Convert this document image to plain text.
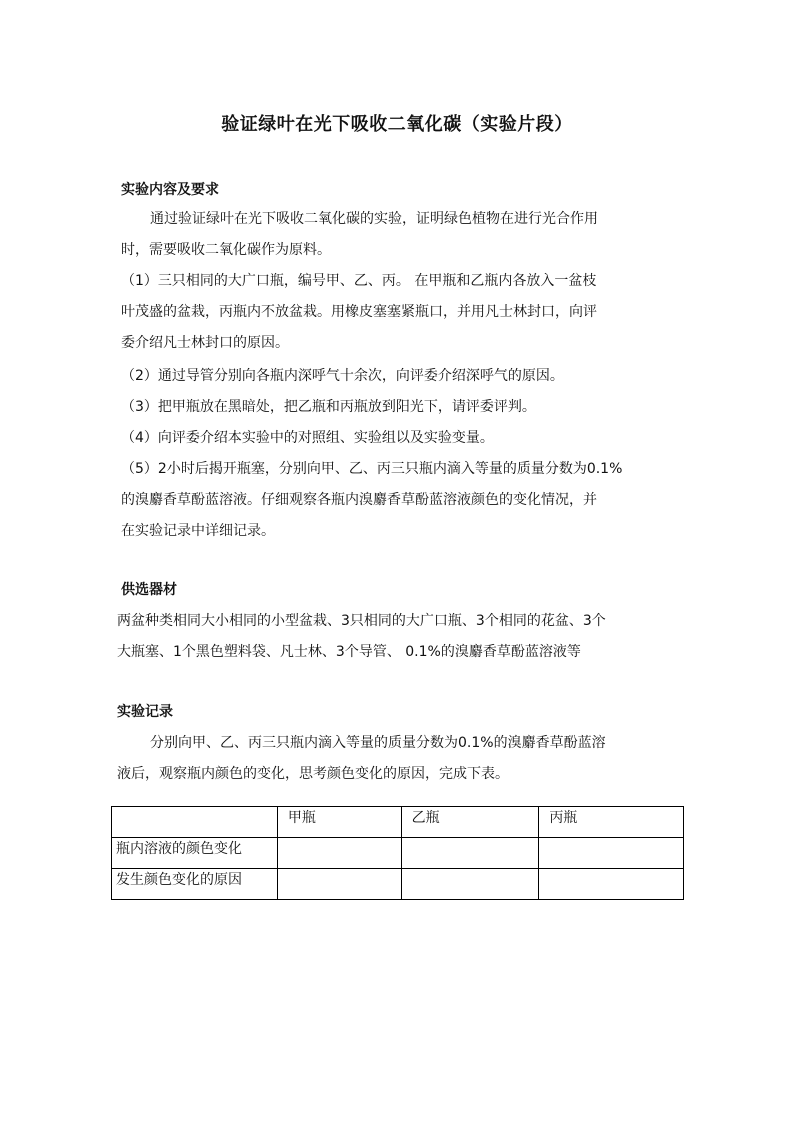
验证绿叶在光下吸收二氧化碳（实验片段）
实验内容及要求
通过验证绿叶在光下吸收二氧化碳的实验，证明绿色植物在进行光合作用
时，需要吸收二氧化碳作为原料。
（1）三只相同的大广口瓶，编号甲、乙、丙。 在甲瓶和乙瓶内各放入一盆枝
叶茂盛的盆栽，丙瓶内不放盆栽。用橡皮塞塞紧瓶口，并用凡士林封口，向评
委介绍凡士林封口的原因。
（2）通过导管分别向各瓶内深呼气十余次，向评委介绍深呼气的原因。
（3）把甲瓶放在黑暗处，把乙瓶和丙瓶放到阳光下，请评委评判。
（4）向评委介绍本实验中的对照组、实验组以及实验变量。
（5）2小时后揭开瓶塞，分别向甲、乙、丙三只瓶内滴入等量的质量分数为0.1%
的溴麝香草酚蓝溶液。仔细观察各瓶内溴麝香草酚蓝溶液颜色的变化情况，并
在实验记录中详细记录。
供选器材
两盆种类相同大小相同的小型盆栽、3只相同的大广口瓶、3个相同的花盆、3个
大瓶塞、1个黑色塑料袋、凡士林、3个导管、 0.1%的溴麝香草酚蓝溶液等
实验记录
分别向甲、乙、丙三只瓶内滴入等量的质量分数为0.1%的溴麝香草酚蓝溶
液后，观察瓶内颜色的变化，思考颜色变化的原因，完成下表。
	甲瓶	乙瓶	丙瓶
瓶内溶液的颜色变化			
发生颜色变化的原因			
